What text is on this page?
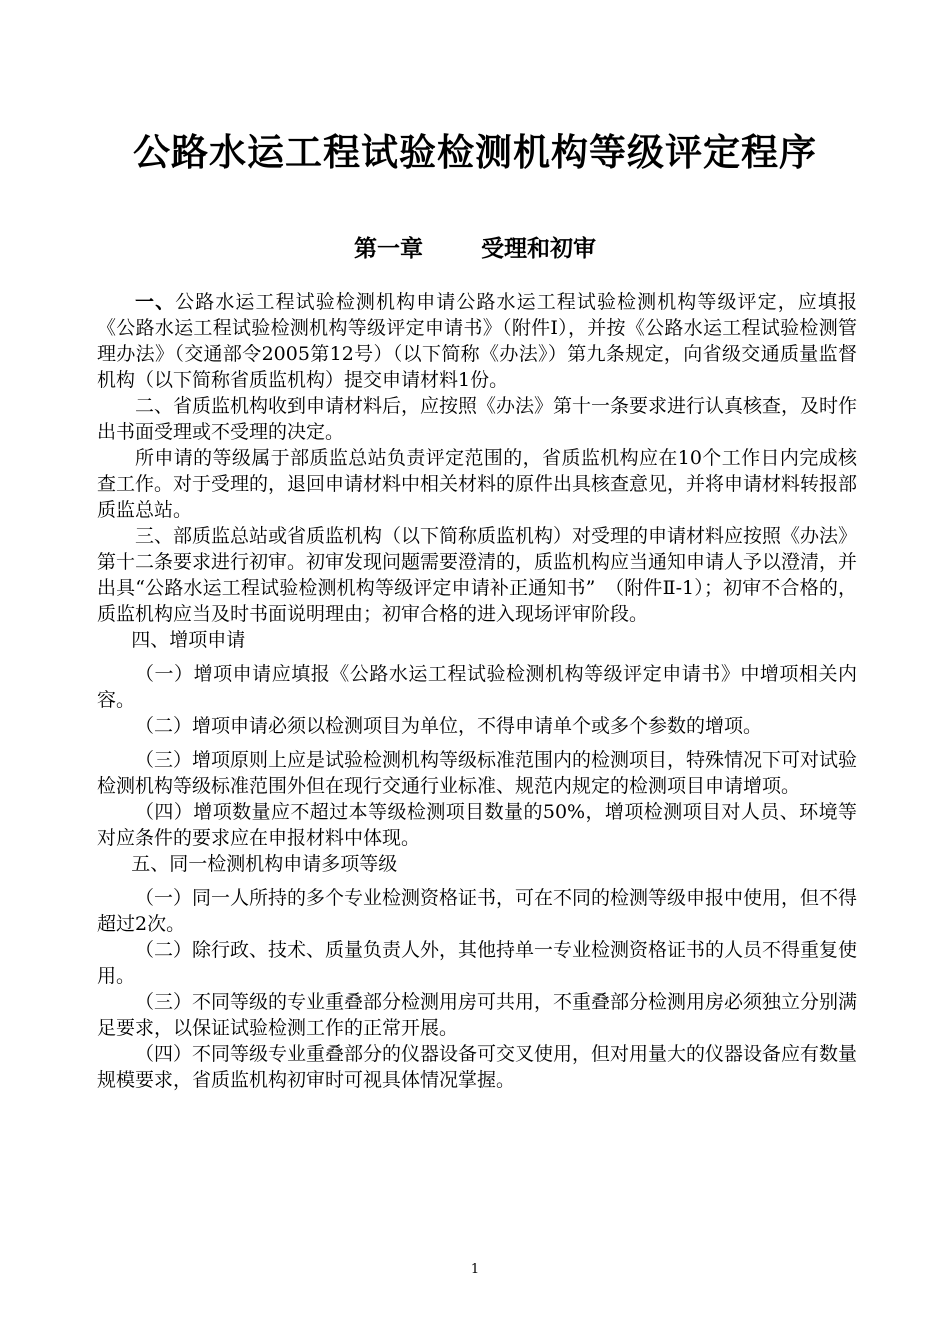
公路水运工程试验检测机构等级评定程序
第一章	受理和初审

一、公路水运工程试验检测机构申请公路水运工程试验检测机构等级评定，应填报《公路水运工程试验检测机构等级评定申请书》（附件Ⅰ），并按《公路水运工程试验检测管理办法》（交通部令2005第12号）（以下简称《办法》）第九条规定，向省级交通质量监督机构（以下简称省质监机构）提交申请材料1份。

二、省质监机构收到申请材料后，应按照《办法》第十一条要求进行认真核查，及时作出书面受理或不受理的决定。

所申请的等级属于部质监总站负责评定范围的，省质监机构应在10个工作日内完成核查工作。对于受理的，退回申请材料中相关材料的原件出具核查意见，并将申请材料转报部质监总站。

三、部质监总站或省质监机构（以下简称质监机构）对受理的申请材料应按照《办法》第十二条要求进行初审。初审发现问题需要澄清的，质监机构应当通知申请人予以澄清，并出具“公路水运工程试验检测机构等级评定申请补正通知书”　（附件Ⅱ-1）；初审不合格的，质监机构应当及时书面说明理由；初审合格的进入现场评审阶段。

四、增项申请

（一）增项申请应填报《公路水运工程试验检测机构等级评定申请书》中增项相关内容。

（二）增项申请必须以检测项目为单位，不得申请单个或多个参数的增项。

（三）增项原则上应是试验检测机构等级标准范围内的检测项目，特殊情况下可对试验检测机构等级标准范围外但在现行交通行业标准、规范内规定的检测项目申请增项。

（四）增项数量应不超过本等级检测项目数量的50%，增项检测项目对人员、环境等对应条件的要求应在申报材料中体现。

五、同一检测机构申请多项等级

（一）同一人所持的多个专业检测资格证书，可在不同的检测等级申报中使用，但不得超过2次。

（二）除行政、技术、质量负责人外，其他持单一专业检测资格证书的人员不得重复使用。

（三）不同等级的专业重叠部分检测用房可共用，不重叠部分检测用房必须独立分别满足要求，以保证试验检测工作的正常开展。

（四）不同等级专业重叠部分的仪器设备可交叉使用，但对用量大的仪器设备应有数量规模要求，省质监机构初审时可视具体情况掌握。

1
